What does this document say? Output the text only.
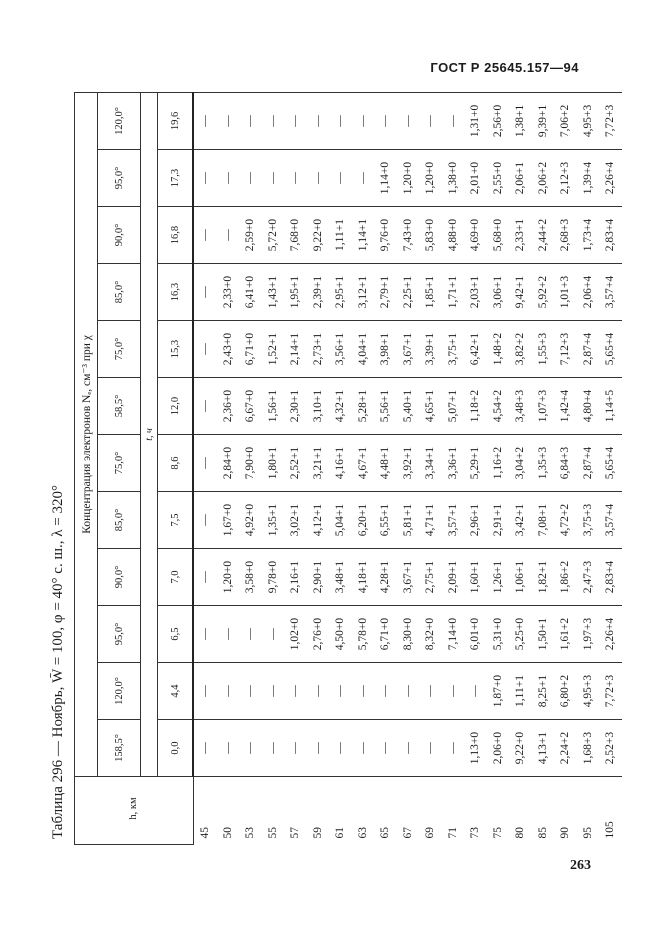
ГОСТ Р 25645.157—94
Таблица 296 — Ноябрь, W̄ = 100, φ = 40° с. ш., λ = 320°	h, км	Концентрация электронов Nₑ, см⁻³ при χ											
	158,5°	120,0°	95,0°	90,0°	85,0°	75,0°	58,5°	75,0°	85,0°	90,0°	95,0°	120,0°
	t, ч											
	0,0	4,4	6,5	7,0	7,5	8,6	12,0	15,3	16,3	16,8	17,3	19,6
45	—	—	—	—	—	—	—	—	—	—	—	—
50	—	—	—	1,20+0	1,67+0	2,84+0	2,36+0	2,43+0	2,33+0	—	—	—
53	—	—	—	3,58+0	4,92+0	7,90+0	6,67+0	6,71+0	6,41+0	2,59+0	—	—
55	—	—	—	9,78+0	1,35+1	1,80+1	1,56+1	1,52+1	1,43+1	5,72+0	—	—
57	—	—	1,02+0	2,16+1	3,02+1	2,52+1	2,30+1	2,14+1	1,95+1	7,68+0	—	—
59	—	—	2,76+0	2,90+1	4,12+1	3,21+1	3,10+1	2,73+1	2,39+1	9,22+0	—	—
61	—	—	4,50+0	3,48+1	5,04+1	4,16+1	4,32+1	3,56+1	2,95+1	1,11+1	—	—
63	—	—	5,78+0	4,18+1	6,20+1	4,67+1	5,28+1	4,04+1	3,12+1	1,14+1	—	—
65	—	—	6,71+0	4,28+1	6,55+1	4,48+1	5,56+1	3,98+1	2,79+1	9,76+0	1,14+0	—
67	—	—	8,30+0	3,67+1	5,81+1	3,92+1	5,40+1	3,67+1	2,25+1	7,43+0	1,20+0	—
69	—	—	8,32+0	2,75+1	4,71+1	3,34+1	4,65+1	3,39+1	1,85+1	5,83+0	1,20+0	—
71	—	—	7,14+0	2,09+1	3,57+1	3,36+1	5,07+1	3,75+1	1,71+1	4,88+0	1,38+0	—
73	1,13+0	—	6,01+0	1,60+1	2,96+1	5,29+1	1,18+2	6,42+1	2,03+1	4,69+0	2,01+0	1,31+0
75	2,06+0	1,87+0	5,31+0	1,26+1	2,91+1	1,16+2	4,54+2	1,48+2	3,06+1	5,68+0	2,55+0	2,56+0
80	9,22+0	1,11+1	5,25+0	1,06+1	3,42+1	3,04+2	3,48+3	3,82+2	9,42+1	2,33+1	2,06+1	1,38+1
85	4,13+1	8,25+1	1,50+1	1,82+1	7,08+1	1,35+3	1,07+3	1,55+3	5,92+2	2,44+2	2,06+2	9,39+1
90	2,24+2	6,80+2	1,61+2	1,86+2	4,72+2	6,84+3	1,42+4	7,12+3	1,01+3	2,68+3	2,12+3	7,06+2
95	1,68+3	4,95+3	1,97+3	2,47+3	3,75+3	2,87+4	4,80+4	2,87+4	2,06+4	1,73+4	1,39+4	4,95+3
105	2,52+3	7,72+3	2,26+4	2,83+4	3,57+4	5,65+4	1,14+5	5,65+4	3,57+4	2,83+4	2,26+4	7,72+3
263
